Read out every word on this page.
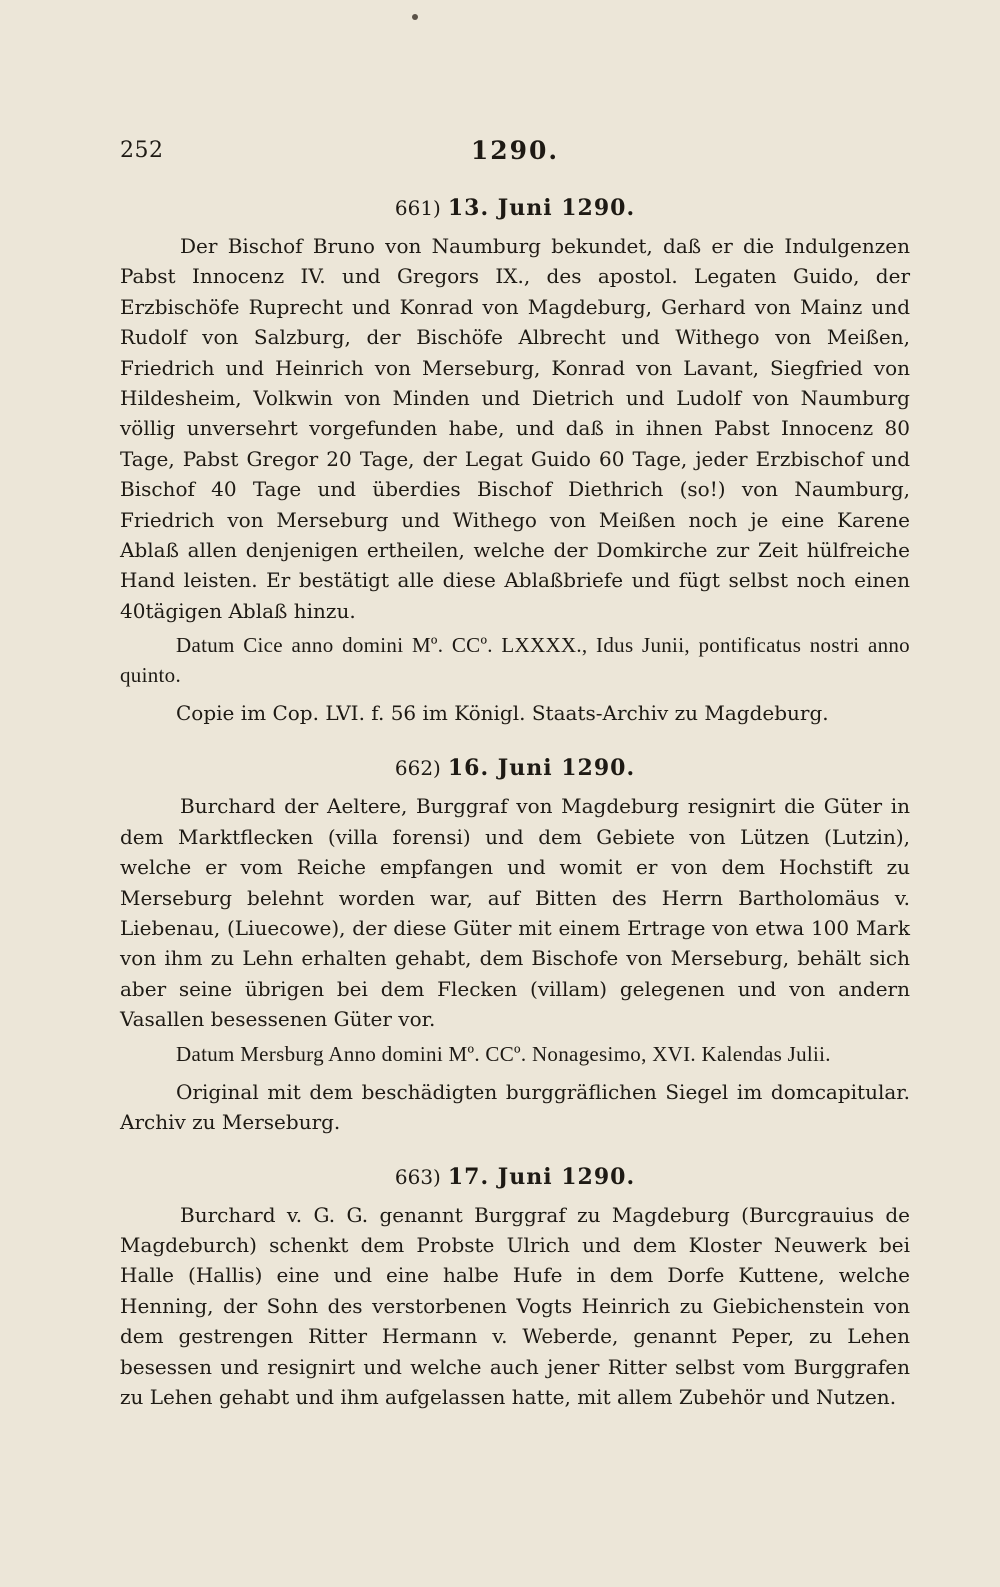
252	1290.
661) 13. Juni 1290.

Der Bischof Bruno von Naumburg bekundet, daß er die Indulgenzen Pabst Innocenz IV. und Gregors IX., des apostol. Legaten Guido, der Erzbischöfe Ruprecht und Konrad von Magdeburg, Gerhard von Mainz und Rudolf von Salzburg, der Bischöfe Albrecht und Withego von Meißen, Friedrich und Heinrich von Merseburg, Konrad von Lavant, Siegfried von Hildesheim, Volkwin von Minden und Dietrich und Ludolf von Naumburg völlig unversehrt vorgefunden habe, und daß in ihnen Pabst Innocenz 80 Tage, Pabst Gregor 20 Tage, der Legat Guido 60 Tage, jeder Erzbischof und Bischof 40 Tage und überdies Bischof Diethrich (so!) von Naumburg, Friedrich von Merseburg und Withego von Meißen noch je eine Karene Ablaß allen denjenigen ertheilen, welche der Domkirche zur Zeit hülfreiche Hand leisten. Er bestätigt alle diese Ablaßbriefe und fügt selbst noch einen 40tägigen Ablaß hinzu.

Datum Cice anno domini Mº. CCº. LXXXX., Idus Junii, pontificatus nostri anno quinto.

Copie im Cop. LVI. f. 56 im Königl. Staats-Archiv zu Magdeburg.

662) 16. Juni 1290.

Burchard der Aeltere, Burggraf von Magdeburg resignirt die Güter in dem Marktflecken (villa forensi) und dem Gebiete von Lützen (Lutzin), welche er vom Reiche empfangen und womit er von dem Hochstift zu Merseburg belehnt worden war, auf Bitten des Herrn Bartholomäus v. Liebenau, (Liuecowe), der diese Güter mit einem Ertrage von etwa 100 Mark von ihm zu Lehn erhalten gehabt, dem Bischofe von Merseburg, behält sich aber seine übrigen bei dem Flecken (villam) gelegenen und von andern Vasallen besessenen Güter vor.

Datum Mersburg Anno domini Mº. CCº. Nonagesimo, XVI. Kalendas Julii.

Original mit dem beschädigten burggräflichen Siegel im domcapitular. Archiv zu Merseburg.

663) 17. Juni 1290.

Burchard v. G. G. genannt Burggraf zu Magdeburg (Burcgrauius de Magdeburch) schenkt dem Probste Ulrich und dem Kloster Neuwerk bei Halle (Hallis) eine und eine halbe Hufe in dem Dorfe Kuttene, welche Henning, der Sohn des verstorbenen Vogts Heinrich zu Giebichenstein von dem gestrengen Ritter Hermann v. Weberde, genannt Peper, zu Lehen besessen und resignirt und welche auch jener Ritter selbst vom Burggrafen zu Lehen gehabt und ihm aufgelassen hatte, mit allem Zubehör und Nutzen.
